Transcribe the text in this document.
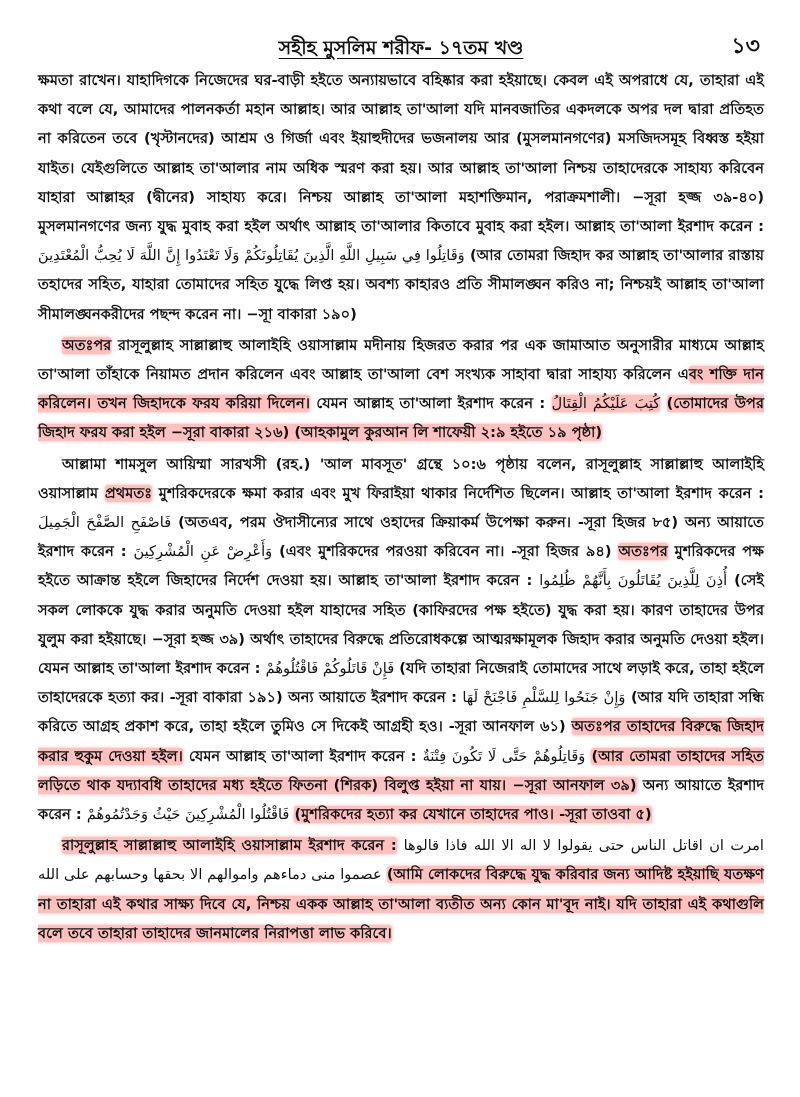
সহীহ মুসলিম শরীফ- ১৭তম খণ্ড	১৩

ক্ষমতা রাখেন। যাহাদিগকে নিজেদের ঘর-বাড়ী হইতে অন্যায়ভাবে বহিষ্কার করা হইয়াছে। কেবল এই অপরাধে যে, তাহারা এই কথা বলে যে, আমাদের পালনকর্তা মহান আল্লাহ। আর আল্লাহ তা'আলা যদি মানবজাতির একদলকে অপর দল দ্বারা প্রতিহত না করিতেন তবে (খৃস্টানদের) আশ্রম ও গির্জা এবং ইয়াহুদীদের ভজনালয় আর (মুসলমানগণের) মসজিদসমূহ বিধ্বস্ত হইয়া যাইত। যেইগুলিতে আল্লাহ তা'আলার নাম অধিক স্মরণ করা হয়। আর আল্লাহ তা'আলা নিশ্চয় তাহাদেরকে সাহায্য করিবেন যাহারা আল্লাহর (দ্বীনের) সাহায্য করে। নিশ্চয় আল্লাহ তা'আলা মহাশক্তিমান, পরাক্রমশালী। −সূরা হজ্জ ৩৯-৪০) মুসলমানগণের জন্য যুদ্ধ মুবাহ করা হইল অর্থাৎ আল্লাহ তা'আলার কিতাবে মুবাহ করা হইল। আল্লাহ তা'আলা ইরশাদ করেন : وَقَاتِلُوا فِي سَبِيلِ اللَّهِ الَّذِينَ يُقَاتِلُونَكُمْ وَلَا تَعْتَدُوا إِنَّ اللَّهَ لَا يُحِبُّ الْمُعْتَدِينَ (আর তোমরা জিহাদ কর আল্লাহ তা'আলার রাস্তায় তহাদের সহিত, যাহারা তোমাদের সহিত যুদ্ধে লিপ্ত হয়। অবশ্য কাহারও প্রতি সীমালঙ্ঘন করিও না; নিশ্চয়ই আল্লাহ তা'আলা সীমালঙ্ঘনকরীদের পছন্দ করেন না। −সূা বাকারা ১৯০)

অতঃপর রাসূলুল্লাহ সাল্লাল্লাহু আলাইহি ওয়াসাল্লাম মদীনায় হিজরত করার পর এক জামাআত অনুসারীর মাধ্যমে আল্লাহ তা'আলা তাঁহাকে নিয়ামত প্রদান করিলেন এবং আল্লাহ তা'আলা বেশ সংখ্যক সাহাবা দ্বারা সাহায্য করিলেন এবং শক্তি দান করিলেন। তখন জিহাদকে ফরয করিয়া দিলেন। যেমন আল্লাহ তা'আলা ইরশাদ করেন : كُتِبَ عَلَيْكُمُ الْقِتَالُ (তোমাদের উপর জিহাদ ফরয করা হইল −সূরা বাকারা ২১৬) (আহকামুল কুরআন লি শাফেয়ী ২:৯ হইতে ১৯ পৃষ্ঠা)

আল্লামা শামসুল আয়িম্মা সারখসী (রহ.) 'আল মাবসূত' গ্রন্থে ১০:৬ পৃষ্ঠায় বলেন, রাসূলুল্লাহ সাল্লাল্লাহু আলাইহি ওয়াসাল্লাম প্রথমতঃ মুশরিকদেরকে ক্ষমা করার এবং মুখ ফিরাইয়া থাকার নির্দেশিত ছিলেন। আল্লাহ তা'আলা ইরশাদ করেন : فَاصْفَحِ الصَّفْحَ الْجَمِيلَ (অতএব, পরম ঔদাসীন্যের সাথে ওহাদের ক্রিয়াকর্ম উপেক্ষা করুন। -সূরা হিজর ৮৫) অন্য আয়াতে ইরশাদ করেন : وَأَعْرِضْ عَنِ الْمُشْرِكِينَ (এবং মুশরিকদের পরওয়া করিবেন না। -সূরা হিজর ৯৪) অতঃপর মুশরিকদের পক্ষ হইতে আক্রান্ত হইলে জিহাদের নির্দেশ দেওয়া হয়। আল্লাহ তা'আলা ইরশাদ করেন : أُذِنَ لِلَّذِينَ يُقَاتَلُونَ بِأَنَّهُمْ ظُلِمُوا (সেই সকল লোককে যুদ্ধ করার অনুমতি দেওয়া হইল যাহাদের সহিত (কাফিরদের পক্ষ হইতে) যুদ্ধ করা হয়। কারণ তাহাদের উপর যুলুম করা হইয়াছে। −সূরা হজ্জ ৩৯) অর্থাৎ তাহাদের বিরুদ্ধে প্রতিরোধকল্পে আত্মরক্ষামূলক জিহাদ করার অনুমতি দেওয়া হইল। যেমন আল্লাহ তা'আলা ইরশাদ করেন : فَإِنْ قَاتَلُوكُمْ فَاقْتُلُوهُمْ (যদি তাহারা নিজেরাই তোমাদের সাথে লড়াই করে, তাহা হইলে তাহাদেরকে হত্যা কর। -সূরা বাকারা ১৯১) অন্য আয়াতে ইরশাদ করেন : وَإِنْ جَنَحُوا لِلسَّلْمِ فَاجْنَحْ لَهَا (আর যদি তাহারা সন্ধি করিতে আগ্রহ প্রকাশ করে, তাহা হইলে তুমিও সে দিকেই আগ্রহী হও। -সূরা আনফাল ৬১) অতঃপর তাহাদের বিরুদ্ধে জিহাদ করার হুকুম দেওয়া হইল। যেমন আল্লাহ তা'আলা ইরশাদ করেন : وَقَاتِلُوهُمْ حَتَّى لَا تَكُونَ فِتْنَةٌ (আর তোমরা তাহাদের সহিত লড়িতে থাক যদ্যাবধি তাহাদের মধ্য হইতে ফিতনা (শিরক) বিলুপ্ত হইয়া না যায়। −সূরা আনফাল ৩৯) অন্য আয়াতে ইরশাদ করেন : فَاقْتُلُوا الْمُشْرِكِينَ حَيْثُ وَجَدْتُمُوهُمْ (মুশরিকদের হত্যা কর যেখানে তাহাদের পাও। -সূরা তাওবা ৫)

রাসূলুল্লাহ সাল্লাল্লাহু আলাইহি ওয়াসাল্লাম ইরশাদ করেন : امرت ان اقاتل الناس حتى يقولوا لا اله الا الله فاذا قالوها عصموا منى دماءهم واموالهم الا بحقها وحسابهم على الله (আমি লোকদের বিরুদ্ধে যুদ্ধ করিবার জন্য আদিষ্ট হইয়াছি যতক্ষণ না তাহারা এই কথার সাক্ষ্য দিবে যে, নিশ্চয় একক আল্লাহ তা'আলা ব্যতীত অন্য কোন মা'বূদ নাই। যদি তাহারা এই কথাগুলি বলে তবে তাহারা তাহাদের জানমালের নিরাপত্তা লাভ করিবে।
